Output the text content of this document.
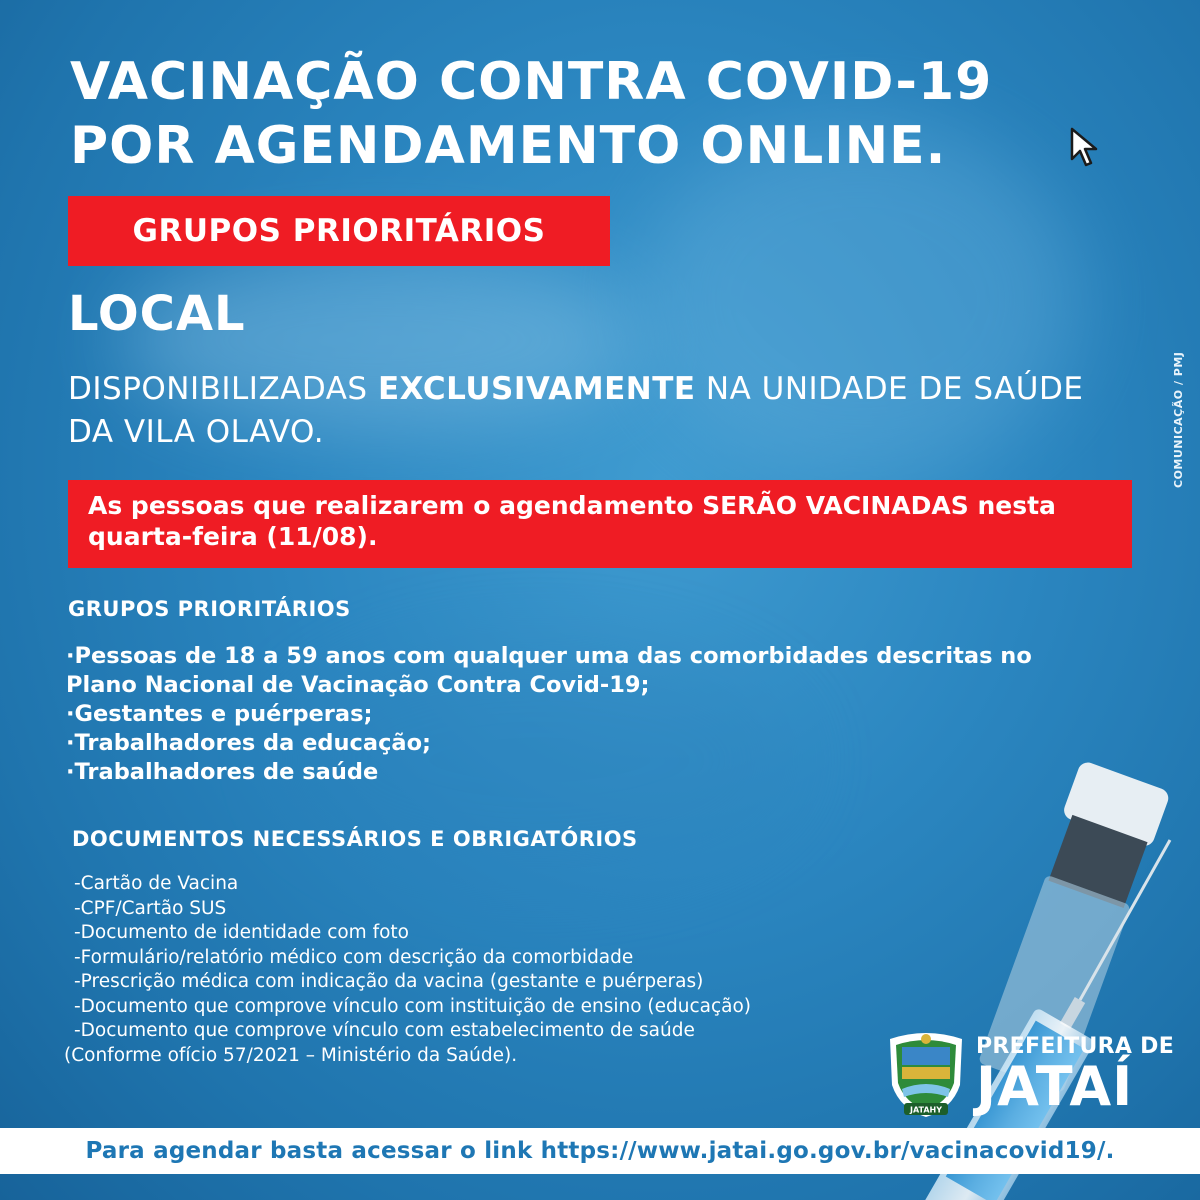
VACINAÇÃO CONTRA COVID-19
POR AGENDAMENTO ONLINE.
GRUPOS PRIORITÁRIOS
LOCAL
DISPONIBILIZADAS EXCLUSIVAMENTE NA UNIDADE DE SAÚDE DA VILA OLAVO.	COMUNICAÇÃO / PMJ
As pessoas que realizarem o agendamento SERÃO VACINADAS nesta quarta-feira (11/08).
GRUPOS PRIORITÁRIOS
·Pessoas de 18 a 59 anos com qualquer uma das comorbidades descritas no Plano Nacional de Vacinação Contra Covid-19;
·Gestantes e puérperas;
·Trabalhadores da educação;
·Trabalhadores de saúde
DOCUMENTOS NECESSÁRIOS E OBRIGATÓRIOS
-Cartão de Vacina
-CPF/Cartão SUS
-Documento de identidade com foto
-Formulário/relatório médico com descrição da comorbidade
-Prescrição médica com indicação da vacina (gestante e puérperas)
-Documento que comprove vínculo com instituição de ensino (educação)
-Documento que comprove vínculo com estabelecimento de saúde
(Conforme ofício 57/2021 – Ministério da Saúde).
JATAHY
PREFEITURA DE
JATAÍ
Para agendar basta acessar o link https://www.jatai.go.gov.br/vacinacovid19/.
